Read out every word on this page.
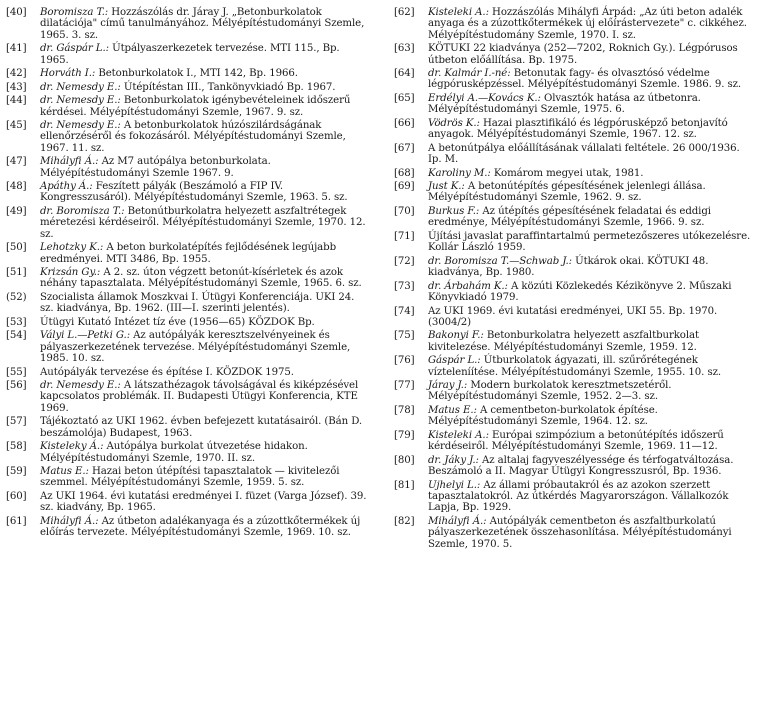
[40] Boromisza T.: Hozzászólás dr. Járay J. „Betonburkolatok dilatációja" című tanulmányához. Mélyépítéstudományi Szemle, 1965. 3. sz.
[41] dr. Gáspár L.: Útpályaszerkezetek tervezése. MTI 115., Bp. 1965.
[42] Horváth I.: Betonburkolatok I., MTI 142, Bp. 1966.
[43] dr. Nemesdy E.: Útépítéstan III., Tankönyvkiadó Bp. 1967.
[44] dr. Nemesdy E.: Betonburkolatok igénybevételeinek időszerű kérdései. Mélyépítéstudományi Szemle, 1967. 9. sz.
[45] dr. Nemesdy E.: A betonburkolatok húzószilárdságának ellenőrzéséről és fokozásáról. Mélyépítéstudományi Szemle, 1967. 11. sz.
[47] Mihályfi Á.: Az M7 autópálya betonburkolata. Mélyépítéstudományi Szemle 1967. 9.
[48] Apáthy Á.: Feszített pályák (Beszámoló a FIP IV. Kongresszusáról). Mélyépítéstudományi Szemle, 1963. 5. sz.
[49] dr. Boromisza T.: Betonútburkolatra helyezett aszfaltrétegek méretezési kérdéseiről. Mélyépítéstudományi Szemle, 1970. 12. sz.
[50] Lehotzky K.: A beton burkolatépítés fejlődésének legújabb eredményei. MTI 3486, Bp. 1955.
[51] Krizsán Gy.: A 2. sz. úton végzett betonút-kísérletek és azok néhány tapasztalata. Mélyépítéstudományi Szemle, 1965. 6. sz.
(52) Szocialista államok Moszkvai I. Útügyi Konferenciája. UKI 24. sz. kiadványa, Bp. 1962. (III—I. szerinti jelentés).
[53] Útügyi Kutató Intézet tíz éve (1956—65) KÖZDOK Bp.
[54] Vályi L.—Petki G.: Az autópályák keresztszelvényeinek és pályaszerkezetének tervezése. Mélyépítéstudományi Szemle, 1985. 10. sz.
[55] Autópályák tervezése és építése I. KÖZDOK 1975.
[56] dr. Nemesdy E.: A látszathézagok távolságával és kiképzésével kapcsolatos problémák. II. Budapesti Útügyi Konferencia, KTE 1969.
[57] Tájékoztató az UKI 1962. évben befejezett kutatásairól. (Bán D. beszámolója) Budapest, 1963.
[58] Kisteleky Á.: Autópálya burkolat útvezetése hidakon. Mélyépítéstudományi Szemle, 1970. II. sz.
[59] Matus E.: Hazai beton útépítési tapasztalatok — kivitelezői szemmel. Mélyépítéstudományi Szemle, 1959. 5. sz.
[60] Az UKI 1964. évi kutatási eredményei I. füzet (Varga József). 39. sz. kiadvány, Bp. 1965.
[61] Mihályfi Á.: Az útbeton adalékanyaga és a zúzottkőtermékek új előírás tervezete. Mélyépítéstudományi Szemle, 1969. 10. sz.
[62] Kisteleki A.: Hozzászólás Mihályfi Árpád: „Az úti beton adalék anyaga és a zúzottkőtermékek új előírástervezete" c. cikkéhez. Mélyépítéstudomány Szemle, 1970. I. sz.
[63] KÖTUKI 22 kiadványa (252—7202, Roknich Gy.). Légpórusos útbeton előállítása. Bp. 1975.
[64] dr. Kalmár I.-né: Betonutak fagy- és olvasztósó védelme légpórusképzéssel. Mélyépítéstudományi Szemle. 1986. 9. sz.
[65] Erdélyi A.—Kovács K.: Olvasztók hatása az útbetonra. Mélyépítéstudományi Szemle, 1975. 6.
[66] Vödrös K.: Hazai plasztifikáló és légpórusképző betonjavító anyagok. Mélyépítéstudományi Szemle, 1967. 12. sz.
[67] A betonútpálya előállításának vállalati feltétele. 26 000/1936. Ip. M.
[68] Karoliny M.: Komárom megyei utak, 1981.
[69] Just K.: A betonútépítés gépesítésének jelenlegi állása. Mélyépítéstudományi Szemle, 1962. 9. sz.
[70] Burkus F.: Az útépítés gépesítésének feladatai és eddigi eredménye, Mélyépítéstudományi Szemle, 1966. 9. sz.
[71] Újítási javaslat paraffintartalmú permetezőszeres utókezelésre. Kollár László 1959.
[72] dr. Boromisza T.—Schwab J.: Útkárok okai. KÖTUKI 48. kiadványa, Bp. 1980.
[73] dr. Árbahám K.: A közúti Közlekedés Kézikönyve 2. Műszaki Könyvkiadó 1979.
[74] Az UKI 1969. évi kutatási eredményei, UKI 55. Bp. 1970. (3004/2)
[75] Bakonyi F.: Betonburkolatra helyezett aszfaltburkolat kivitelezése. Mélyépítéstudományi Szemle, 1959. 12.
[76] Gáspár L.: Útburkolatok ágyazati, ill. szűrőrétegének vízteleníítése. Mélyépítéstudományi Szemle, 1955. 10. sz.
[77] Járay J.: Modern burkolatok keresztmetszetéről. Mélyépítéstudományi Szemle, 1952. 2—3. sz.
[78] Matus E.: A cementbeton-burkolatok építése. Mélyépítéstudományi Szemle, 1964. 12. sz.
[79] Kisteleki A.: Európai szimpózium a betonútépítés időszerű kérdéseiről. Mélyépítéstudományi Szemle, 1969. 11—12.
[80] dr. Jáky J.: Az altalaj fagyveszélyessége és térfogatváltozása. Beszámoló a II. Magyar Útügyi Kongresszusról, Bp. 1936.
[81] Ujhelyi L.: Az állami próbautakról és az azokon szerzett tapasztalatokról. Az útkérdés Magyarországon. Vállalkozók Lapja, Bp. 1929.
[82] Mihályfi Á.: Autópályák cementbeton és aszfaltburkolatú pályaszerkezetének összehasonlítása. Mélyépítéstudományi Szemle, 1970. 5.
